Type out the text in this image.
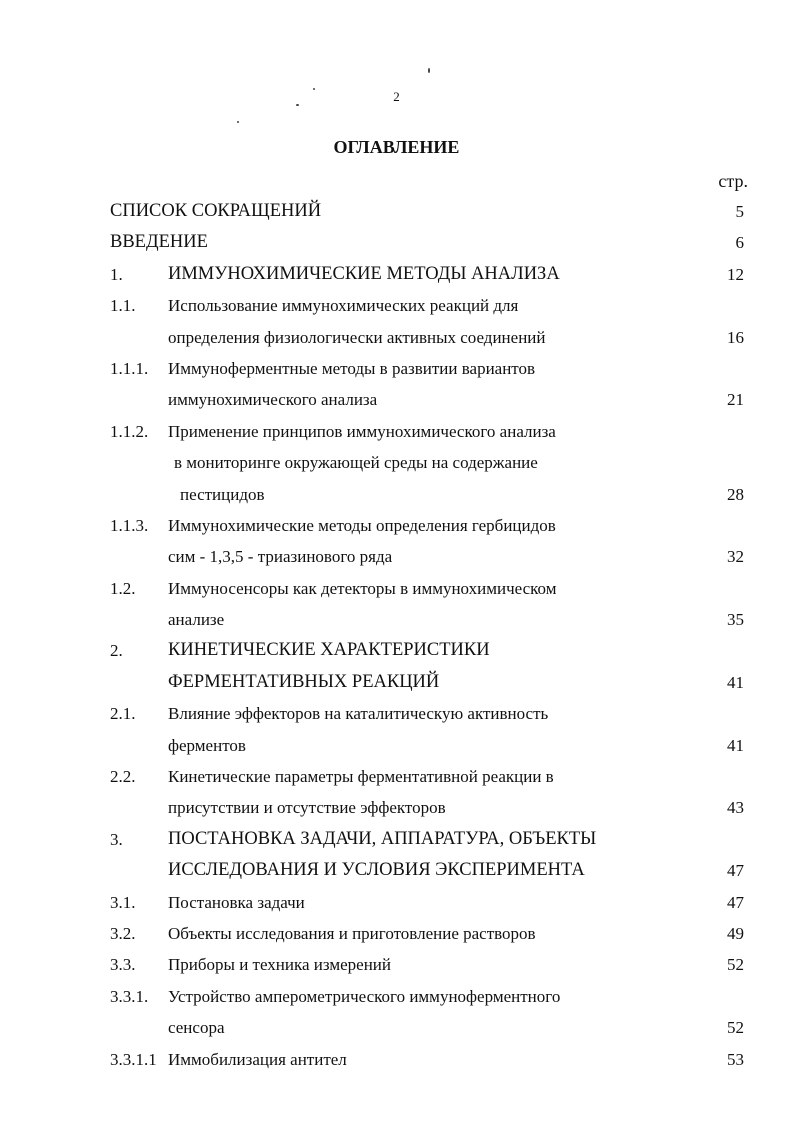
2
ОГЛАВЛЕНИЕ
стр.
СПИСОК СОКРАЩЕНИЙ	5
ВВЕДЕНИЕ	6
1. ИММУНОХИМИЧЕСКИЕ МЕТОДЫ АНАЛИЗА	12
1.1. Использование иммунохимических реакций для
определения физиологически активных соединений	16
1.1.1. Иммуноферментные методы в развитии вариантов
иммунохимического анализа	21
1.1.2. Применение принципов иммунохимического анализа
в мониторинге окружающей среды на содержание
пестицидов	28
1.1.3. Иммунохимические методы определения гербицидов
сим - 1,3,5 - триазинового ряда	32
1.2. Иммуносенсоры как детекторы в иммунохимическом
анализе	35
2. КИНЕТИЧЕСКИЕ ХАРАКТЕРИСТИКИ
ФЕРМЕНТАТИВНЫХ РЕАКЦИЙ	41
2.1. Влияние эффекторов на каталитическую активность
ферментов	41
2.2. Кинетические параметры ферментативной реакции в
присутствии и отсутствие эффекторов	43
3. ПОСТАНОВКА ЗАДАЧИ, АППАРАТУРА, ОБЪЕКТЫ
ИССЛЕДОВАНИЯ И УСЛОВИЯ ЭКСПЕРИМЕНТА	47
3.1. Постановка задачи	47
3.2. Объекты исследования и приготовление растворов	49
3.3. Приборы и техника измерений	52
3.3.1. Устройство амперометрического иммуноферментного
сенсора	52
3.3.1.1 Иммобилизация антител	53
